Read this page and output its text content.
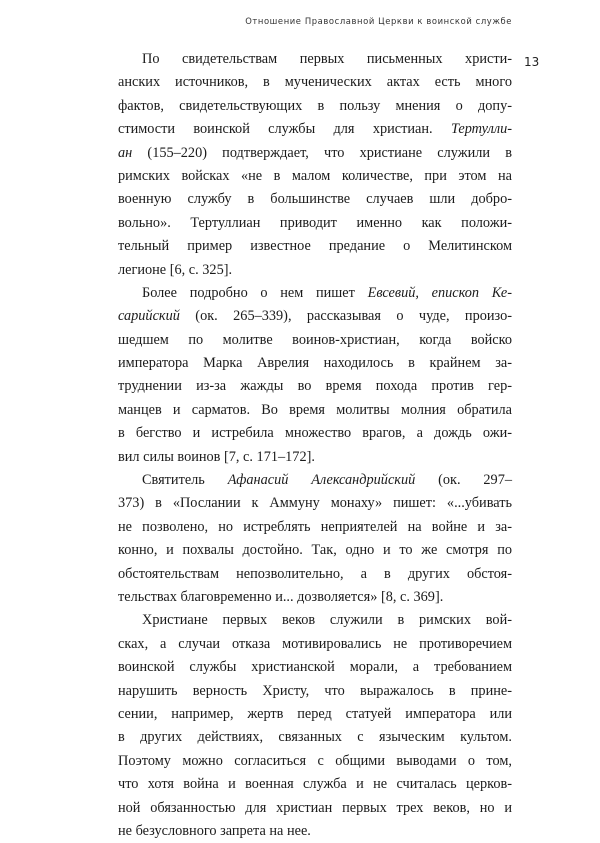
Отношение Православной Церкви к воинской службе
13
По свидетельствам первых письменных христи-
анских источников, в мученических актах есть много
фактов, свидетельствующих в пользу мнения о допу-
стимости воинской службы для христиан. Тертулли-
ан (155–220) подтверждает, что христиане служили в
римских войсках «не в малом количестве, при этом на
военную службу в большинстве случаев шли добро-
вольно». Тертуллиан приводит именно как положи-
тельный пример известное предание о Мелитинском
легионе [6, с. 325].
Более подробно о нем пишет Евсевий, епископ Ке-
сарийский (ок. 265–339), рассказывая о чуде, произо-
шедшем по молитве воинов-христиан, когда войско
императора Марка Аврелия находилось в крайнем за-
труднении из-за жажды во время похода против гер-
манцев и сарматов. Во время молитвы молния обратила
в бегство и истребила множество врагов, а дождь ожи-
вил силы воинов [7, с. 171–172].
Святитель Афанасий Александрийский (ок. 297–
373) в «Послании к Аммуну монаху» пишет: «...убивать
не позволено, но истреблять неприятелей на войне и за-
конно, и похвалы достойно. Так, одно и то же смотря по
обстоятельствам непозволительно, а в других обстоя-
тельствах благовременно и... дозволяется» [8, с. 369].
Христиане первых веков служили в римских вой-
сках, а случаи отказа мотивировались не противоречием
воинской службы христианской морали, а требованием
нарушить верность Христу, что выражалось в прине-
сении, например, жертв перед статуей императора или
в других действиях, связанных с языческим культом.
Поэтому можно согласиться с общими выводами о том,
что хотя война и военная служба и не считалась церков-
ной обязанностью для христиан первых трех веков, но и
не безусловного запрета на нее.
